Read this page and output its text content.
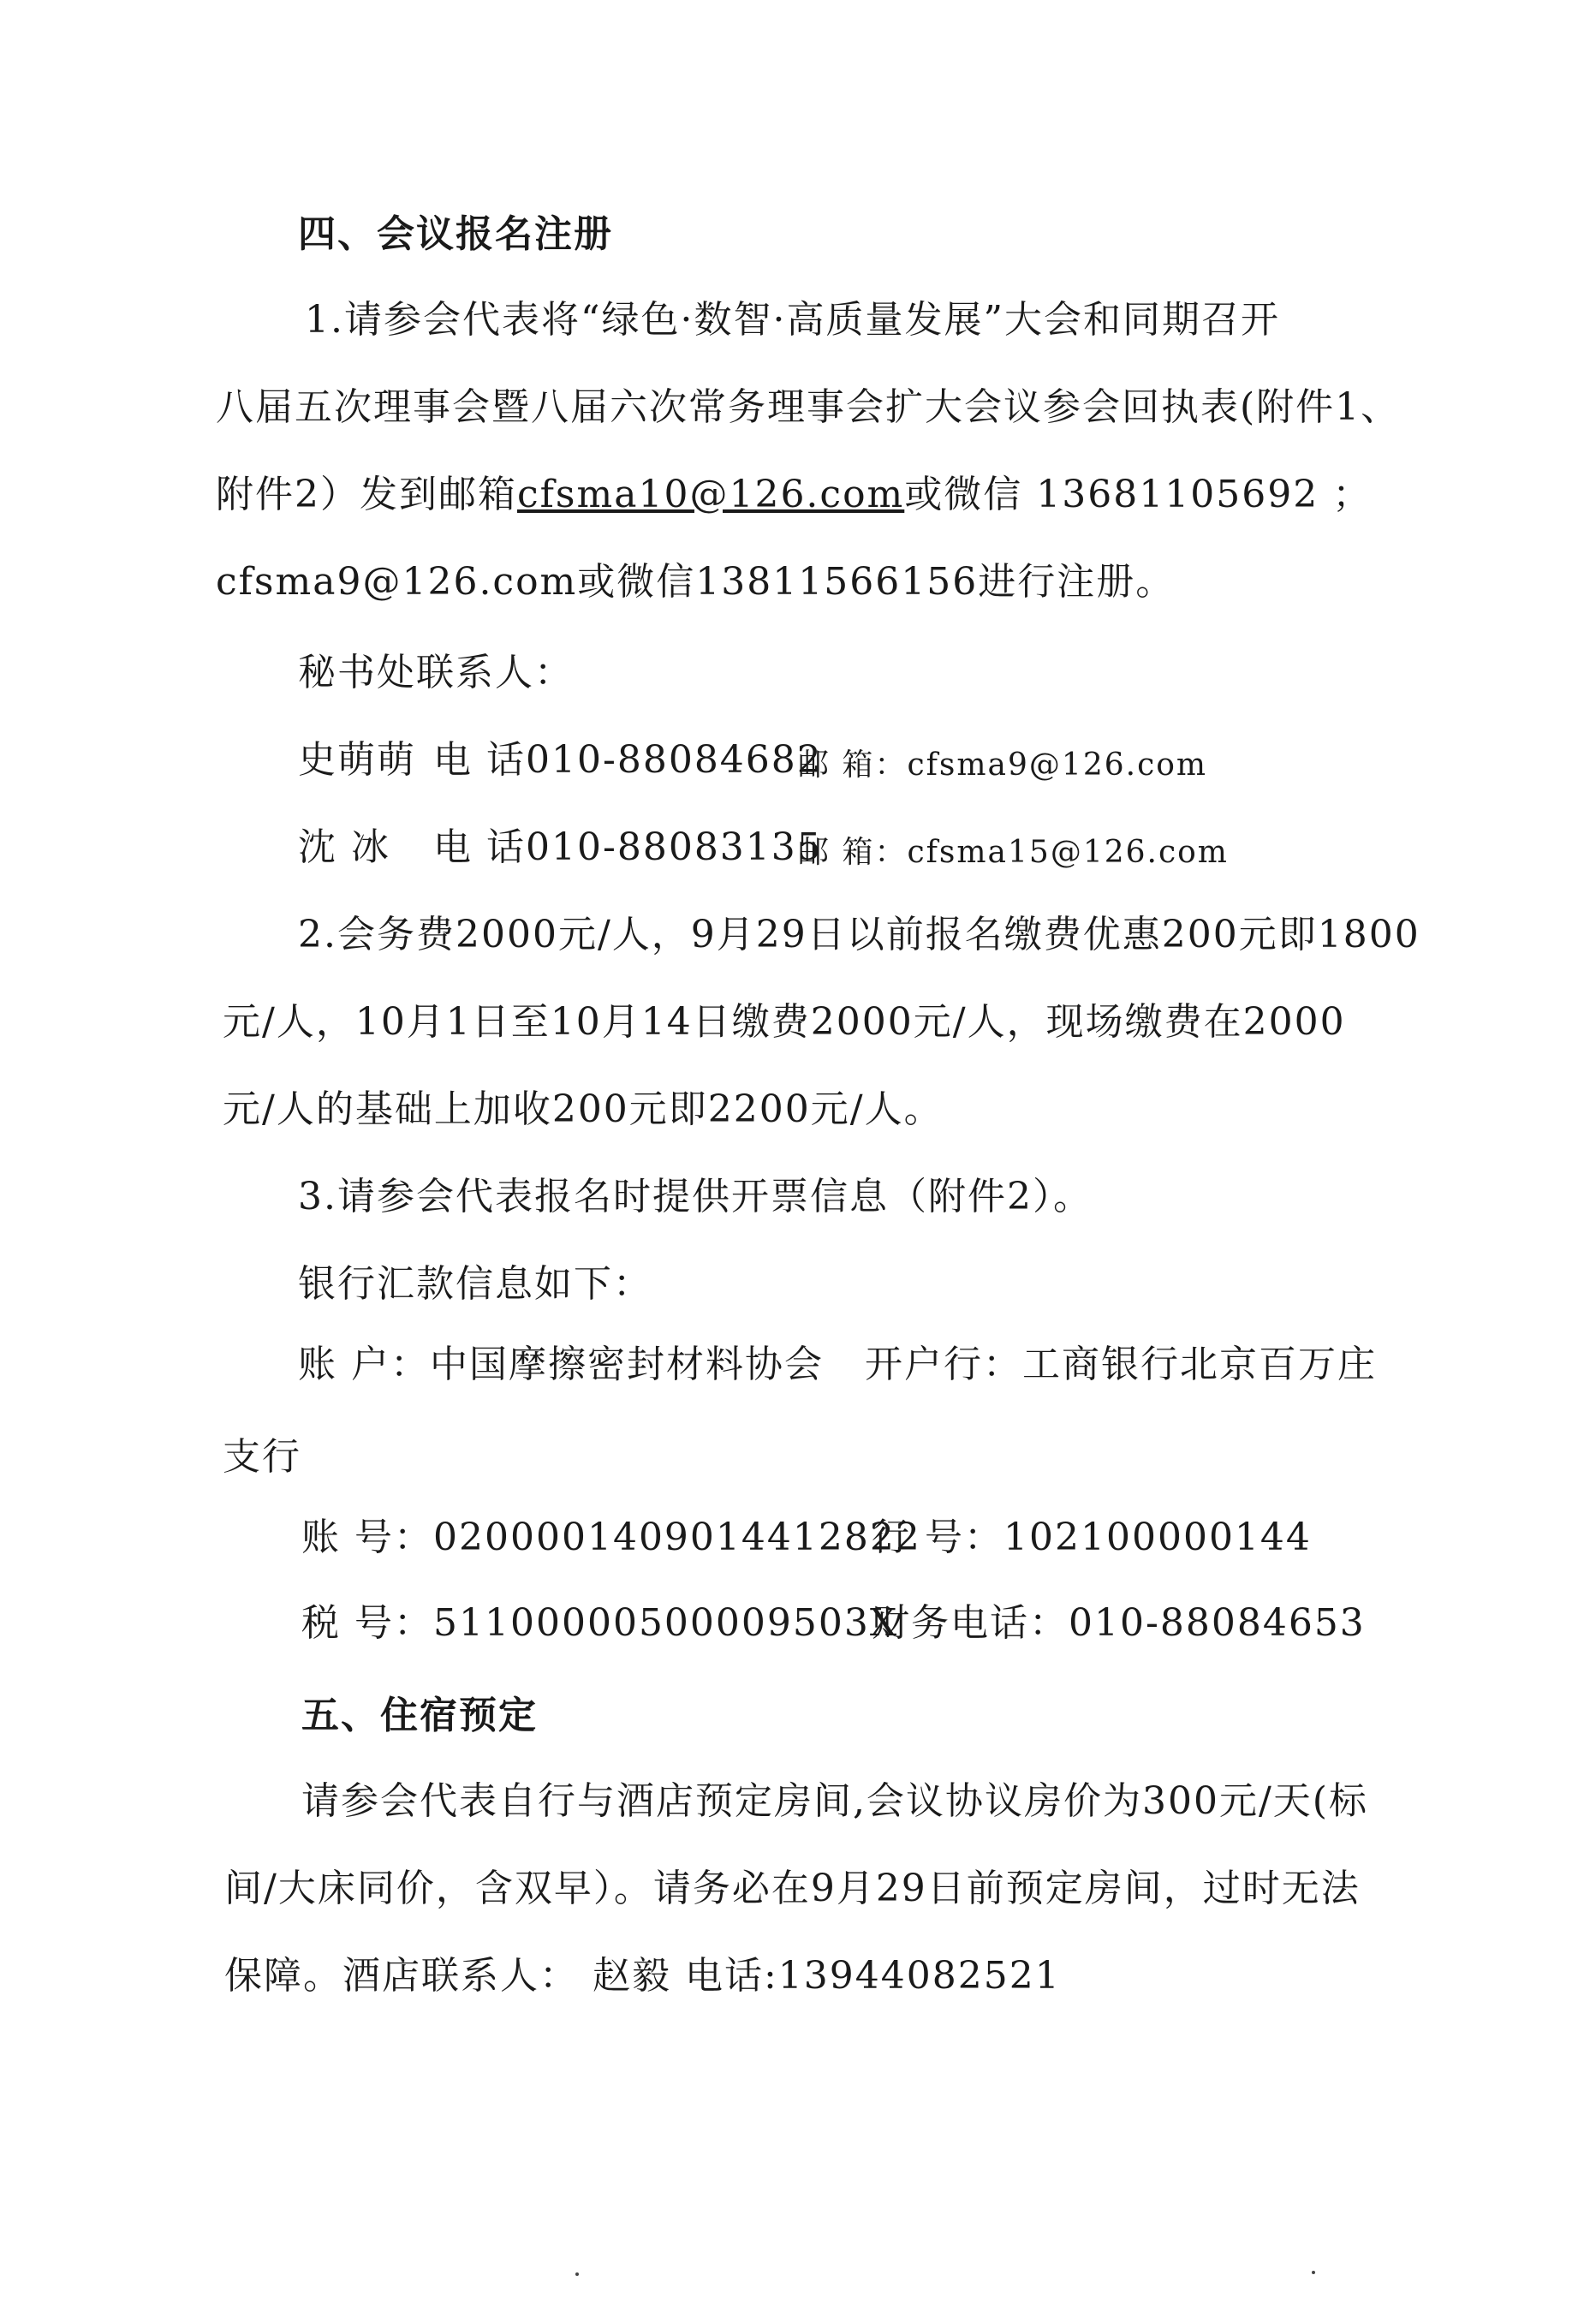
四、会议报名注册
1.请参会代表将“绿色·数智·高质量发展”大会和同期召开
八届五次理事会暨八届六次常务理事会扩大会议参会回执表(附件1、
附件2）发到邮箱cfsma10@126.com或微信 13681105692 ；
cfsma9@126.com或微信13811566156进行注册。
秘书处联系人：
史萌萌 电 话010-88084682
邮 箱：cfsma9@126.com
沈 冰 电 话010-88083135
邮 箱：cfsma15@126.com
2.会务费2000元/人，9月29日以前报名缴费优惠200元即1800
元/人，10月1日至10月14日缴费2000元/人，现场缴费在2000
元/人的基础上加收200元即2200元/人。
3.请参会代表报名时提供开票信息（附件2）。
银行汇款信息如下：
账 户：中国摩擦密封材料协会 开户行：工商银行北京百万庄
支行
账 号：0200001409014412822
行 号：102100000144
税 号：51100000500009503X
财务电话：010-88084653
五、住宿预定
请参会代表自行与酒店预定房间,会议协议房价为300元/天(标
间/大床同价，含双早）。请务必在9月29日前预定房间，过时无法
保障。酒店联系人： 赵毅 电话:13944082521
